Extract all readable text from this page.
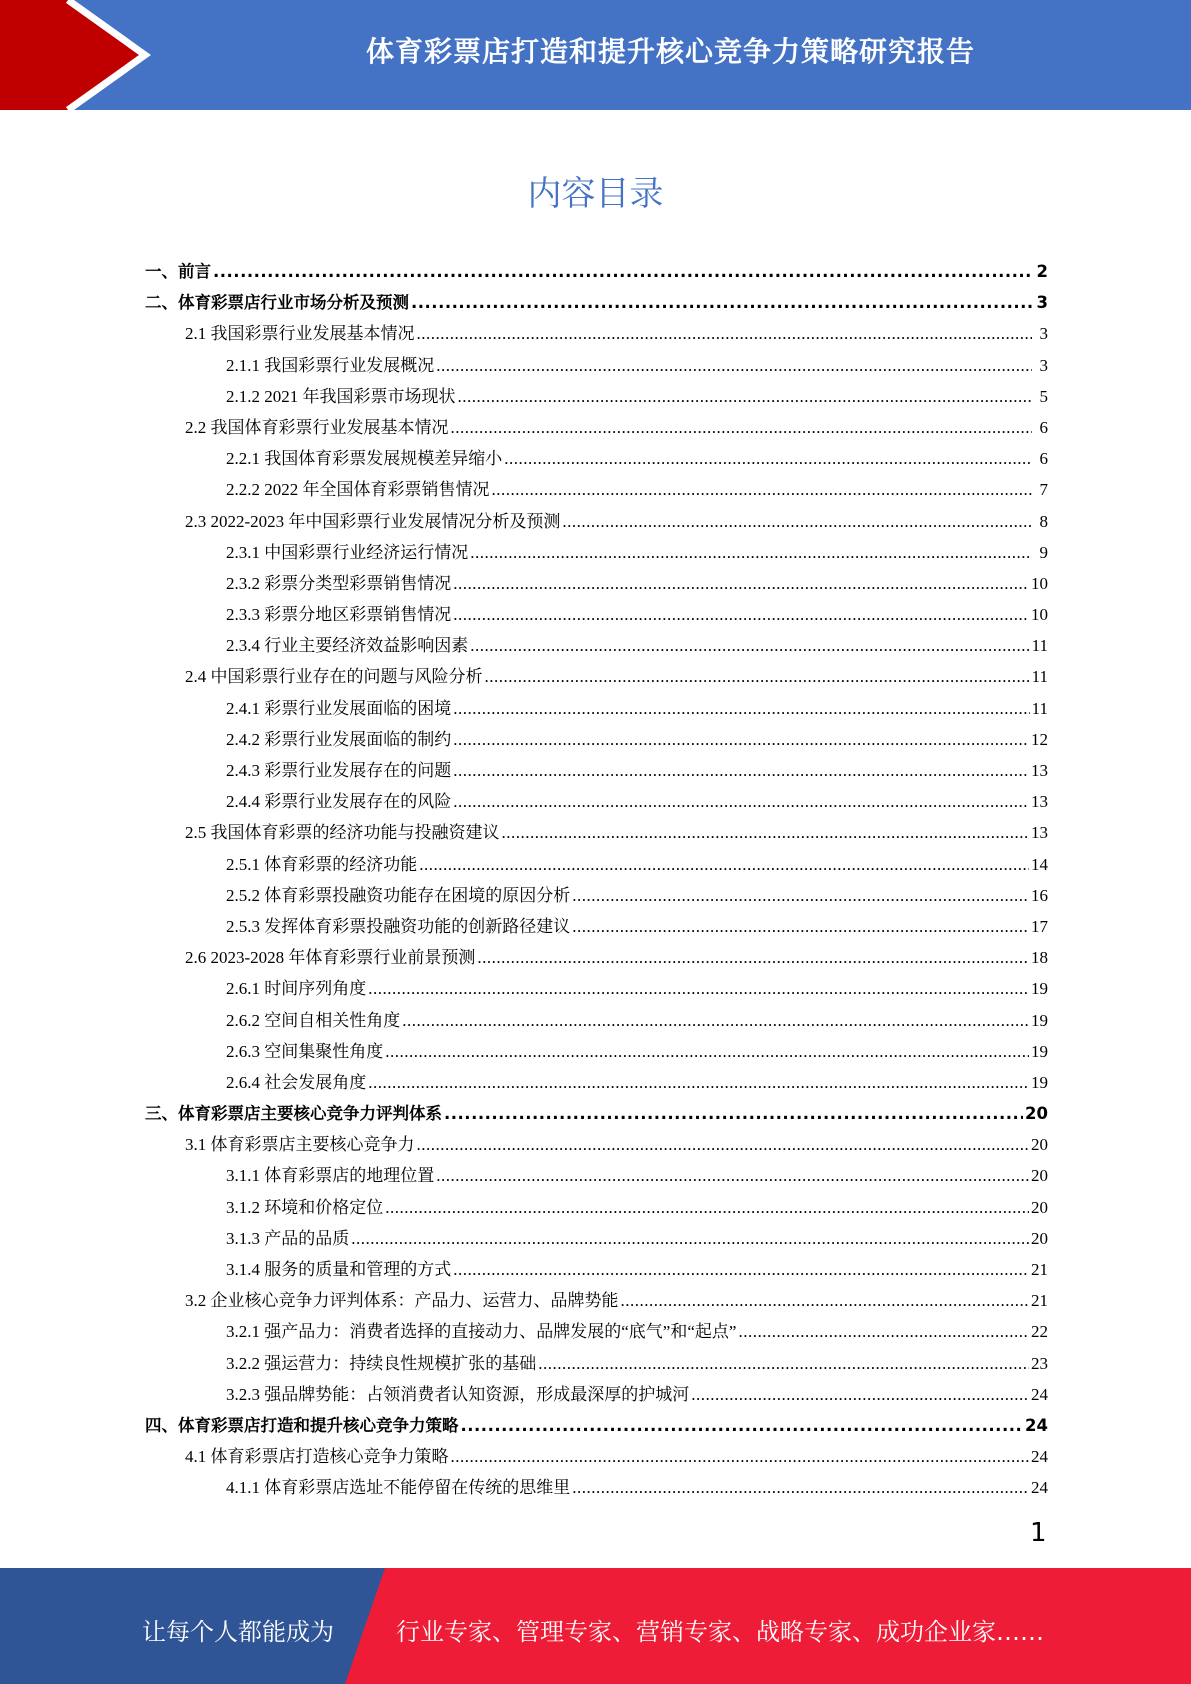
体育彩票店打造和提升核心竞争力策略研究报告
内容目录
一、前言 .....	2
二、体育彩票店行业市场分析及预测 .....	3
2.1 我国彩票行业发展基本情况 .....	3
2.1.1 我国彩票行业发展概况 .....	3
2.1.2 2021 年我国彩票市场现状 .....	5
2.2 我国体育彩票行业发展基本情况 .....	6
2.2.1 我国体育彩票发展规模差异缩小 .....	6
2.2.2 2022 年全国体育彩票销售情况 .....	7
2.3 2022-2023 年中国彩票行业发展情况分析及预测 .....	8
2.3.1 中国彩票行业经济运行情况 .....	9
2.3.2 彩票分类型彩票销售情况 .....	10
2.3.3 彩票分地区彩票销售情况 .....	10
2.3.4 行业主要经济效益影响因素 .....	11
2.4 中国彩票行业存在的问题与风险分析 .....	11
2.4.1 彩票行业发展面临的困境 .....	11
2.4.2 彩票行业发展面临的制约 .....	12
2.4.3 彩票行业发展存在的问题 .....	13
2.4.4 彩票行业发展存在的风险 .....	13
2.5 我国体育彩票的经济功能与投融资建议 .....	13
2.5.1 体育彩票的经济功能 .....	14
2.5.2 体育彩票投融资功能存在困境的原因分析 .....	16
2.5.3 发挥体育彩票投融资功能的创新路径建议 .....	17
2.6 2023-2028 年体育彩票行业前景预测 .....	18
2.6.1 时间序列角度 .....	19
2.6.2 空间自相关性角度 .....	19
2.6.3 空间集聚性角度 .....	19
2.6.4 社会发展角度 .....	19
三、体育彩票店主要核心竞争力评判体系 .....	20
3.1 体育彩票店主要核心竞争力 .....	20
3.1.1 体育彩票店的地理位置 .....	20
3.1.2 环境和价格定位 .....	20
3.1.3 产品的品质 .....	20
3.1.4 服务的质量和管理的方式 .....	21
3.2 企业核心竞争力评判体系：产品力、运营力、品牌势能 .....	21
3.2.1 强产品力：消费者选择的直接动力、品牌发展的“底气”和“起点” .....	22
3.2.2 强运营力：持续良性规模扩张的基础 .....	23
3.2.3 强品牌势能：占领消费者认知资源，形成最深厚的护城河 .....	24
四、体育彩票店打造和提升核心竞争力策略 .....	24
4.1 体育彩票店打造核心竞争力策略 .....	24
4.1.1 体育彩票店选址不能停留在传统的思维里 .....	24
1
让每个人都能成为	行业专家、管理专家、营销专家、战略专家、成功企业家……
